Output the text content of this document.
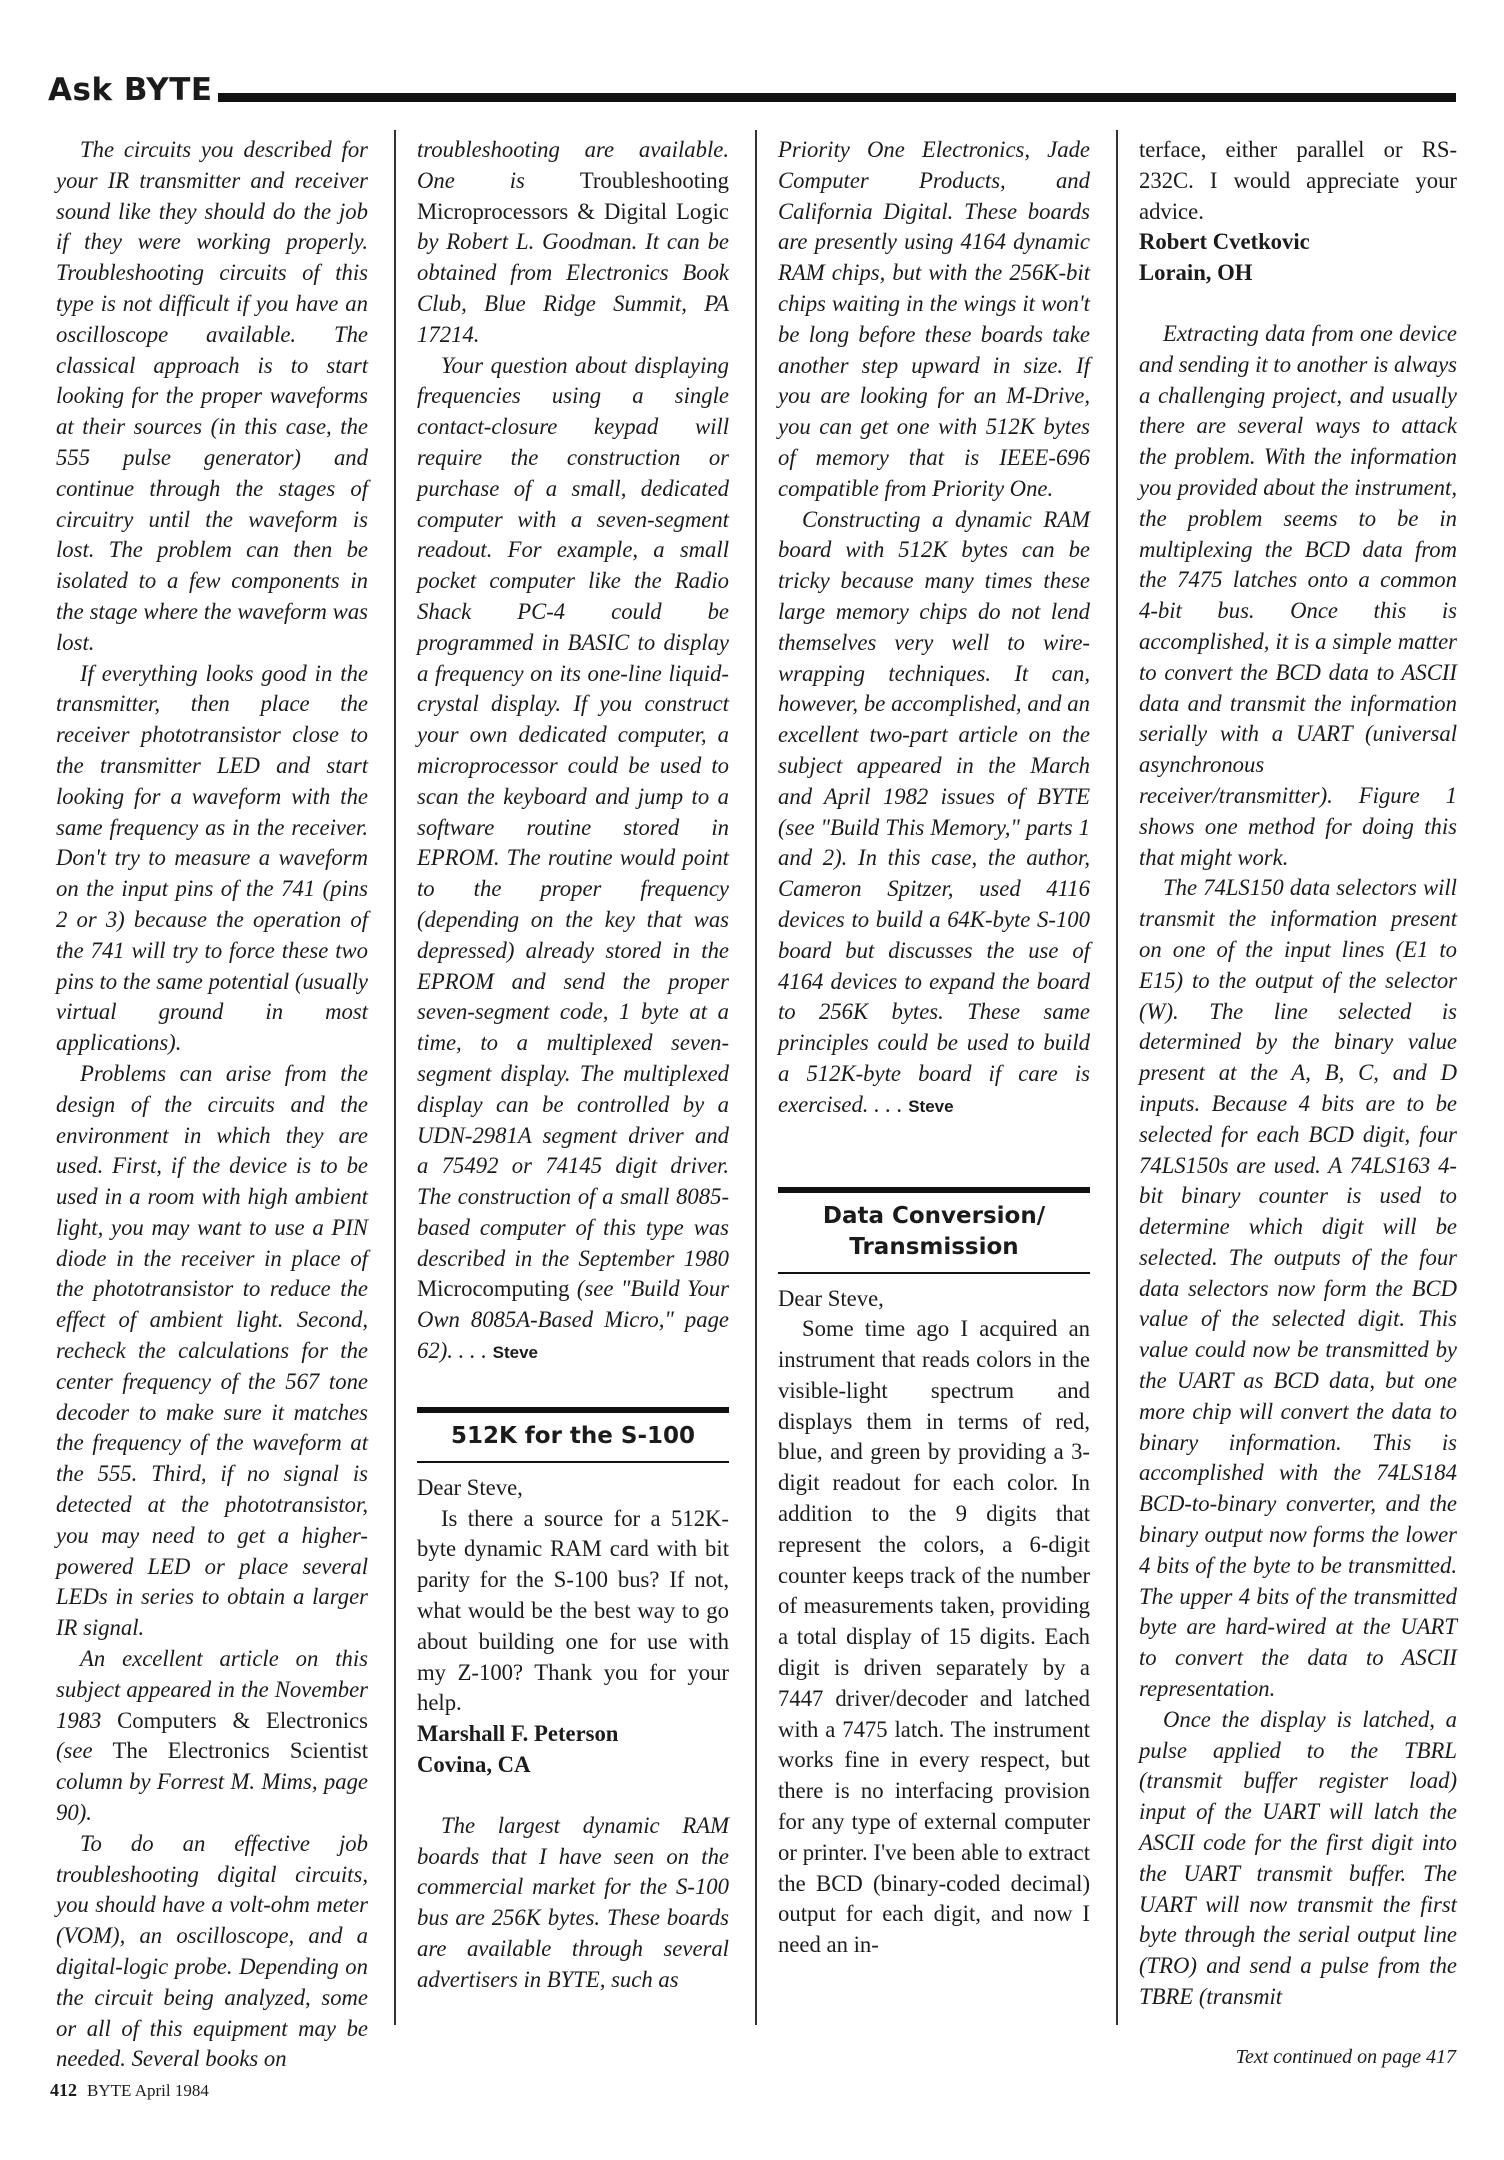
Ask BYTE

The circuits you described for your IR transmitter and receiver sound like they should do the job if they were working properly. Troubleshooting circuits of this type is not difficult if you have an oscilloscope available. The classical approach is to start looking for the proper waveforms at their sources (in this case, the 555 pulse generator) and continue through the stages of circuitry until the waveform is lost. The problem can then be isolated to a few components in the stage where the waveform was lost.

If everything looks good in the transmitter, then place the receiver phototransistor close to the transmitter LED and start looking for a waveform with the same frequency as in the receiver. Don't try to measure a waveform on the input pins of the 741 (pins 2 or 3) because the operation of the 741 will try to force these two pins to the same potential (usually virtual ground in most applications).

Problems can arise from the design of the circuits and the environment in which they are used. First, if the device is to be used in a room with high ambient light, you may want to use a PIN diode in the receiver in place of the phototransistor to reduce the effect of ambient light. Second, recheck the calculations for the center frequency of the 567 tone decoder to make sure it matches the frequency of the waveform at the 555. Third, if no signal is detected at the phototransistor, you may need to get a higher-powered LED or place several LEDs in series to obtain a larger IR signal.

An excellent article on this subject appeared in the November 1983 Computers & Electronics (see The Electronics Scientist column by Forrest M. Mims, page 90).

To do an effective job troubleshooting digital circuits, you should have a volt-ohm meter (VOM), an oscilloscope, and a digital-logic probe. Depending on the circuit being analyzed, some or all of this equipment may be needed. Several books on

troubleshooting are available. One is Troubleshooting Microprocessors & Digital Logic by Robert L. Goodman. It can be obtained from Electronics Book Club, Blue Ridge Summit, PA 17214.

Your question about displaying frequencies using a single contact-closure keypad will require the construction or purchase of a small, dedicated computer with a seven-segment readout. For example, a small pocket computer like the Radio Shack PC-4 could be programmed in BASIC to display a frequency on its one-line liquid-crystal display. If you construct your own dedicated computer, a microprocessor could be used to scan the keyboard and jump to a software routine stored in EPROM. The routine would point to the proper frequency (depending on the key that was depressed) already stored in the EPROM and send the proper seven-segment code, 1 byte at a time, to a multiplexed seven-segment display. The multiplexed display can be controlled by a UDN-2981A segment driver and a 75492 or 74145 digit driver. The construction of a small 8085-based computer of this type was described in the September 1980 Microcomputing (see "Build Your Own 8085A-Based Micro," page 62). . . . Steve

512K for the S-100

Dear Steve,

Is there a source for a 512K-byte dynamic RAM card with bit parity for the S-100 bus? If not, what would be the best way to go about building one for use with my Z-100? Thank you for your help.

Marshall F. Peterson

Covina, CA

The largest dynamic RAM boards that I have seen on the commercial market for the S-100 bus are 256K bytes. These boards are available through several advertisers in BYTE, such as

Priority One Electronics, Jade Computer Products, and California Digital. These boards are presently using 4164 dynamic RAM chips, but with the 256K-bit chips waiting in the wings it won't be long before these boards take another step upward in size. If you are looking for an M-Drive, you can get one with 512K bytes of memory that is IEEE-696 compatible from Priority One.

Constructing a dynamic RAM board with 512K bytes can be tricky because many times these large memory chips do not lend themselves very well to wire-wrapping techniques. It can, however, be accomplished, and an excellent two-part article on the subject appeared in the March and April 1982 issues of BYTE (see "Build This Memory," parts 1 and 2). In this case, the author, Cameron Spitzer, used 4116 devices to build a 64K-byte S-100 board but discusses the use of 4164 devices to expand the board to 256K bytes. These same principles could be used to build a 512K-byte board if care is exercised. . . . Steve

Data Conversion/
Transmission

Dear Steve,

Some time ago I acquired an instrument that reads colors in the visible-light spectrum and displays them in terms of red, blue, and green by providing a 3-digit readout for each color. In addition to the 9 digits that represent the colors, a 6-digit counter keeps track of the number of measurements taken, providing a total display of 15 digits. Each digit is driven separately by a 7447 driver/decoder and latched with a 7475 latch. The instrument works fine in every respect, but there is no interfacing provision for any type of external computer or printer. I've been able to extract the BCD (binary-coded decimal) output for each digit, and now I need an in-

terface, either parallel or RS-232C. I would appreciate your advice.

Robert Cvetkovic

Lorain, OH

Extracting data from one device and sending it to another is always a challenging project, and usually there are several ways to attack the problem. With the information you provided about the instrument, the problem seems to be in multiplexing the BCD data from the 7475 latches onto a common 4-bit bus. Once this is accomplished, it is a simple matter to convert the BCD data to ASCII data and transmit the information serially with a UART (universal asynchronous receiver/transmitter). Figure 1 shows one method for doing this that might work.

The 74LS150 data selectors will transmit the information present on one of the input lines (E1 to E15) to the output of the selector (W). The line selected is determined by the binary value present at the A, B, C, and D inputs. Because 4 bits are to be selected for each BCD digit, four 74LS150s are used. A 74LS163 4-bit binary counter is used to determine which digit will be selected. The outputs of the four data selectors now form the BCD value of the selected digit. This value could now be transmitted by the UART as BCD data, but one more chip will convert the data to binary information. This is accomplished with the 74LS184 BCD-to-binary converter, and the binary output now forms the lower 4 bits of the byte to be transmitted. The upper 4 bits of the transmitted byte are hard-wired at the UART to convert the data to ASCII representation.

Once the display is latched, a pulse applied to the TBRL (transmit buffer register load) input of the UART will latch the ASCII code for the first digit into the UART transmit buffer. The UART will now transmit the first byte through the serial output line (TRO) and send a pulse from the TBRE (transmit

Text continued on page 417
412 BYTE April 1984
